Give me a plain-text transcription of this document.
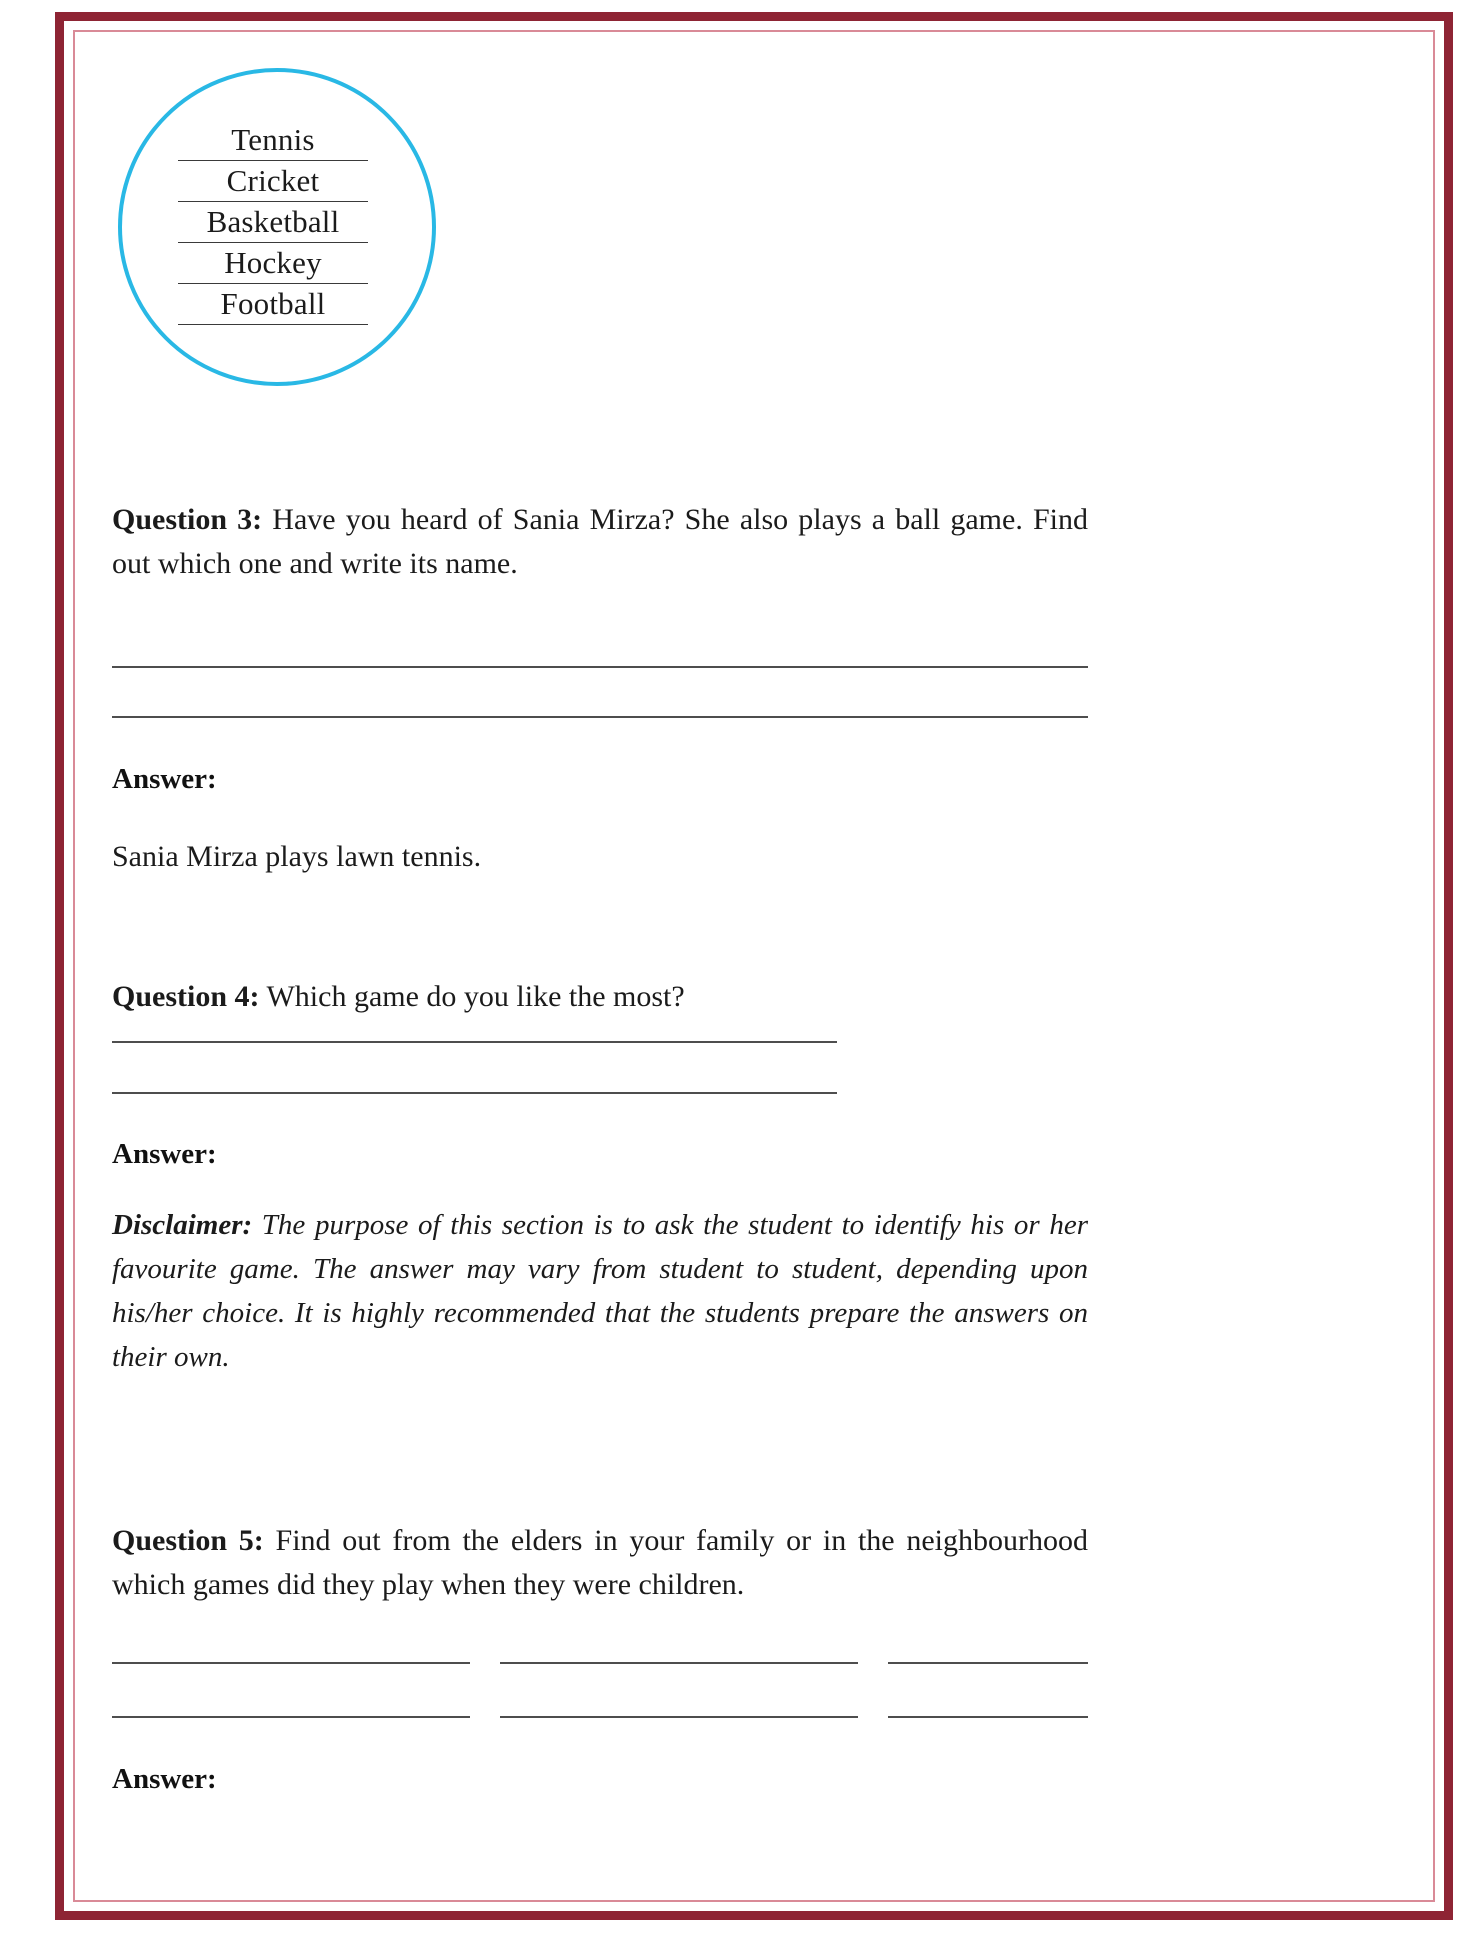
Tennis
Cricket
Basketball
Hockey
Football
Question 3: Have you heard of Sania Mirza? She also plays a ball game. Find out which one and write its name.
Answer:
Sania Mirza plays lawn tennis.
Question 4: Which game do you like the most?
Answer:
Disclaimer: The purpose of this section is to ask the student to identify his or her favourite game. The answer may vary from student to student, depending upon his/her choice. It is highly recommended that the students prepare the answers on their own.
Question 5: Find out from the elders in your family or in the neighbourhood which games did they play when they were children.
Answer:
